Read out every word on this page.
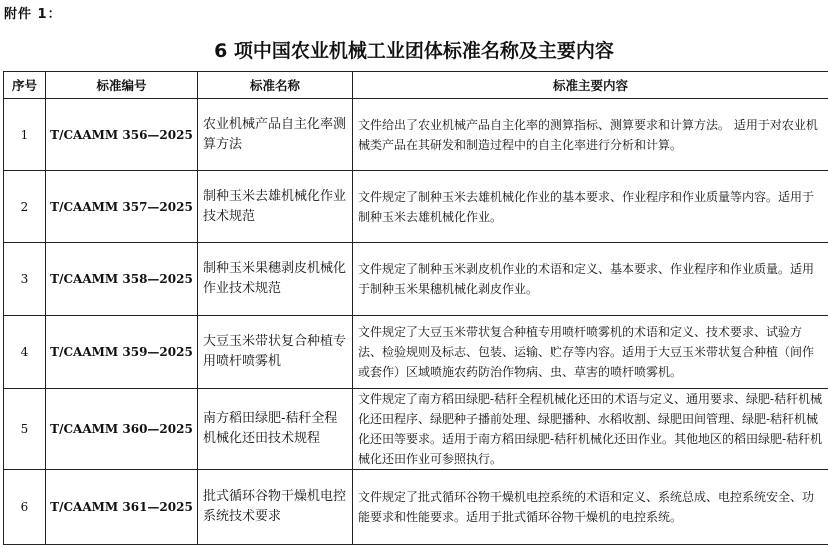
附件 1：
6 项中国农业机械工业团体标准名称及主要内容
序号	标准编号	标准名称	标准主要内容
1	T/CAAMM 356—2025	农业机械产品自主化率测算方法	文件给出了农业机械产品自主化率的测算指标、测算要求和计算方法。 适用于对农业机械类产品在其研发和制造过程中的自主化率进行分析和计算。
2	T/CAAMM 357—2025	制种玉米去雄机械化作业技术规范	文件规定了制种玉米去雄机械化作业的基本要求、作业程序和作业质量等内容。适用于制种玉米去雄机械化作业。
3	T/CAAMM 358—2025	制种玉米果穗剥皮机械化作业技术规范	文件规定了制种玉米剥皮机作业的术语和定义、基本要求、作业程序和作业质量。适用于制种玉米果穗机械化剥皮作业。
4	T/CAAMM 359—2025	大豆玉米带状复合种植专用喷杆喷雾机	文件规定了大豆玉米带状复合种植专用喷杆喷雾机的术语和定义、技术要求、试验方法、检验规则及标志、包装、运输、贮存等内容。适用于大豆玉米带状复合种植（间作或套作）区域喷施农药防治作物病、虫、草害的喷杆喷雾机。
5	T/CAAMM 360—2025	南方稻田绿肥-秸秆全程机械化还田技术规程	文件规定了南方稻田绿肥-秸秆全程机械化还田的术语与定义、通用要求、绿肥-秸秆机械化还田程序、绿肥种子播前处理、绿肥播种、水稻收割、绿肥田间管理、绿肥-秸秆机械化还田等要求。适用于南方稻田绿肥-秸秆机械化还田作业。其他地区的稻田绿肥-秸秆机械化还田作业可参照执行。
6	T/CAAMM 361—2025	批式循环谷物干燥机电控系统技术要求	文件规定了批式循环谷物干燥机电控系统的术语和定义、系统总成、电控系统安全、功能要求和性能要求。适用于批式循环谷物干燥机的电控系统。
